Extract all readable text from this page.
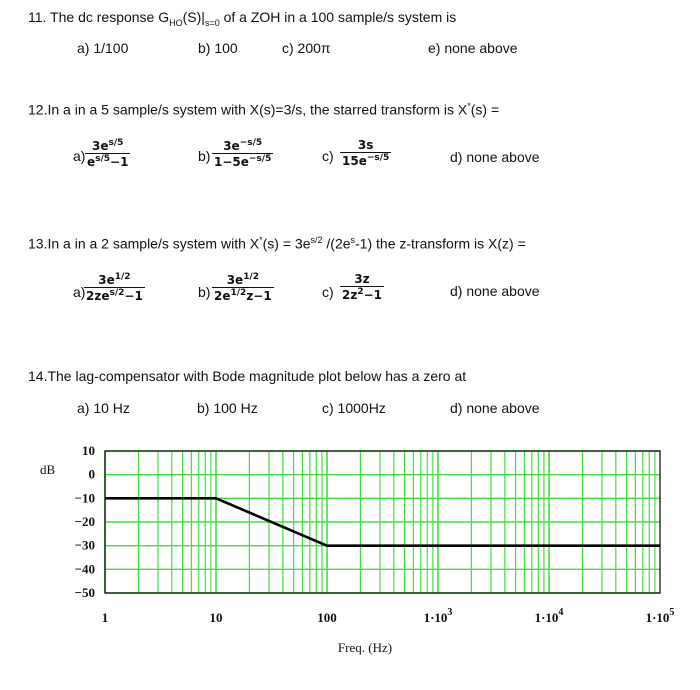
11. The dc response $G_{HO}(S)|_{s=0}$ of a ZOH in a 100 sample/s system is
a) 1/100	b) 100	c) 200π	e) none above
12.In a in a 5 sample/s system with X(s)=3/s, the starred transform is X*(s) =
$a) \frac{3e^{s/5}}{e^{s/5}-1}$	$b) \frac{3e^{-s/5}}{1-5e^{-s/5}}$	$c) \frac{3s}{15e^{-s/5}}$	d) none above
13.In a in a 2 sample/s system with $X^*(s) = 3e^{s/2}$ $/(2e^s-1)$ the z-transform is X(z) =
a)
$3e^{1/2}$
$2ze^{s/2}-1$	$b) \frac{3e^{1/2}}{2e^{1/2}z-1}$	$c) \frac{3z}{2z^2-1}$	d) none above
14.The lag-compensator with Bode magnitude plot below has a zero at
a) 10 Hz	b) 100 Hz	c) 1000Hz	d) none above
10
0
−10
−20
−30
−40
−50
1	10	100	$1\cdot 10^3$	$1\cdot 10^4$	$1\cdot 10^5$
dB
Freq. (Hz)
